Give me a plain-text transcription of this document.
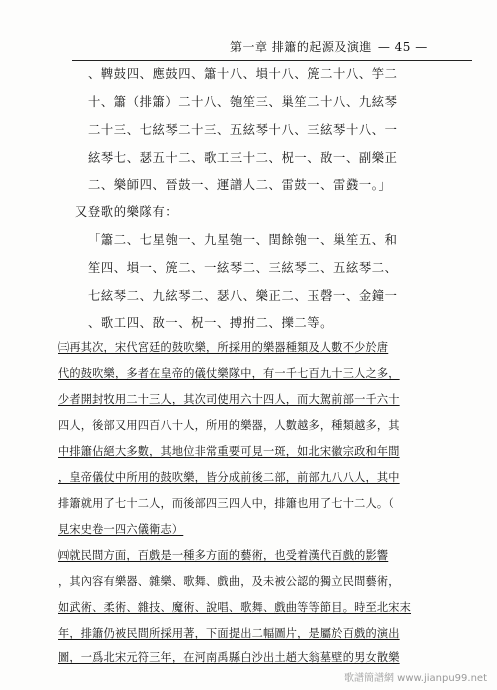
第一章 排簫的起源及演進 — 45 —
、鞞鼓四、應鼓四、簫十八、塤十八、箎二十八、竽二
十、簫（排簫）二十八、匏笙三、巢笙二十八、九絃琴
二十三、七絃琴二十三、五絃琴十八、三絃琴十八、一
絃琴七、瑟五十二、歌工三十二、柷一、敔一、副樂正
二、樂師四、晉鼓一、運譜人二、雷鼓一、雷鼗一。」
又登歌的樂隊有：
「簫二、七星匏一、九星匏一、閏餘匏一、巢笙五、和
笙四、塤一、箎二、一絃琴二、三絃琴二、五絃琴二、
七絃琴二、九絃琴二、瑟八、樂正二、玉磬一、金鐘一
、歌工四、敔一、柷一、搏拊二、擽二等。
㈢再其次，宋代宮廷的鼓吹樂，所採用的樂器種類及人數不少於唐
代的鼓吹樂，多者在皇帝的儀仗樂隊中，有一千七百九十三人之多，
少者開封牧用二十三人，其次司使用六十四人，而大駕前部一千六十
四人，後部又用四百八十人，所用的樂器，人數越多，種類越多，其
中排簫佔絕大多數，其地位非常重要可見一斑，如北宋徽宗政和年間
，皇帝儀仗中所用的鼓吹樂，皆分成前後二部，前部九八八人，其中
排簫就用了七十二人，而後部四三四人中，排簫也用了七十二人。（
見宋史卷一四六儀衛志）
㈣就民間方面，百戲是一種多方面的藝術，也受着漢代百戲的影響
，其內容有樂器、雜樂、歌舞、戲曲，及未被公認的獨立民間藝術，
如武術、柔術、雜技、魔術、說唱、歌舞、戲曲等等節目。時至北宋末
年，排簫仍被民間所採用著，下面提出二幅圖片，是屬於百戲的演出
圖，一爲北宋元符三年，在河南禹縣白沙出土趙大翁墓壁的男女散樂
歌譜簡譜網 www.jianpu99.net
